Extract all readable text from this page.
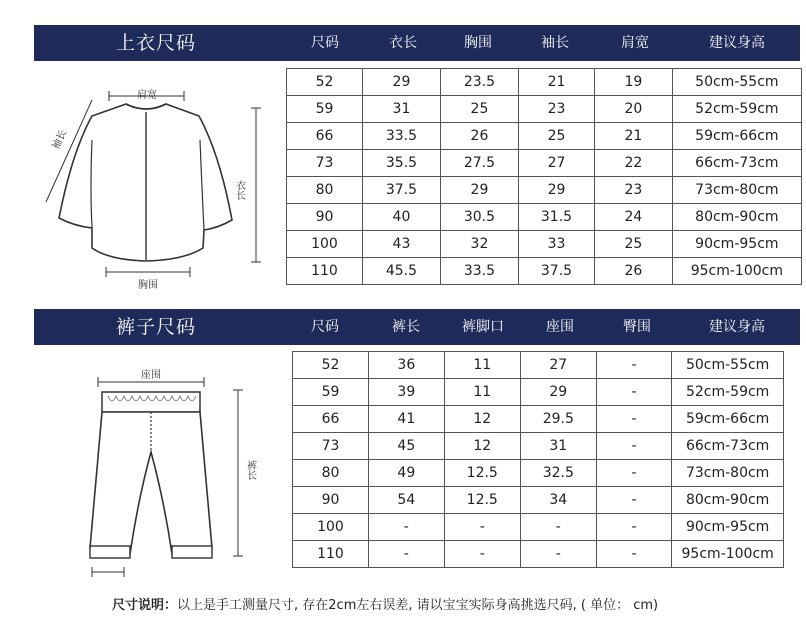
上衣尺码	尺码	衣长	胸围	袖长	肩宽	建议身高
肩宽
袖长
衣长
胸围
52	29	23.5	21	19	50cm-55cm
59	31	25	23	20	52cm-59cm
66	33.5	26	25	21	59cm-66cm
73	35.5	27.5	27	22	66cm-73cm
80	37.5	29	29	23	73cm-80cm
90	40	30.5	31.5	24	80cm-90cm
100	43	32	33	25	90cm-95cm
110	45.5	33.5	37.5	26	95cm-100cm
裤子尺码	尺码	裤长	裤脚口	座围	臀围	建议身高
座围
裤长
52	36	11	27	-	50cm-55cm
59	39	11	29	-	52cm-59cm
66	41	12	29.5	-	59cm-66cm
73	45	12	31	-	66cm-73cm
80	49	12.5	32.5	-	73cm-80cm
90	54	12.5	34	-	80cm-90cm
100	-	-	-	-	90cm-95cm
110	-	-	-	-	95cm-100cm
尺寸说明：以上是手工测量尺寸, 存在2cm左右误差, 请以宝宝实际身高挑选尺码, ( 单位： cm)
